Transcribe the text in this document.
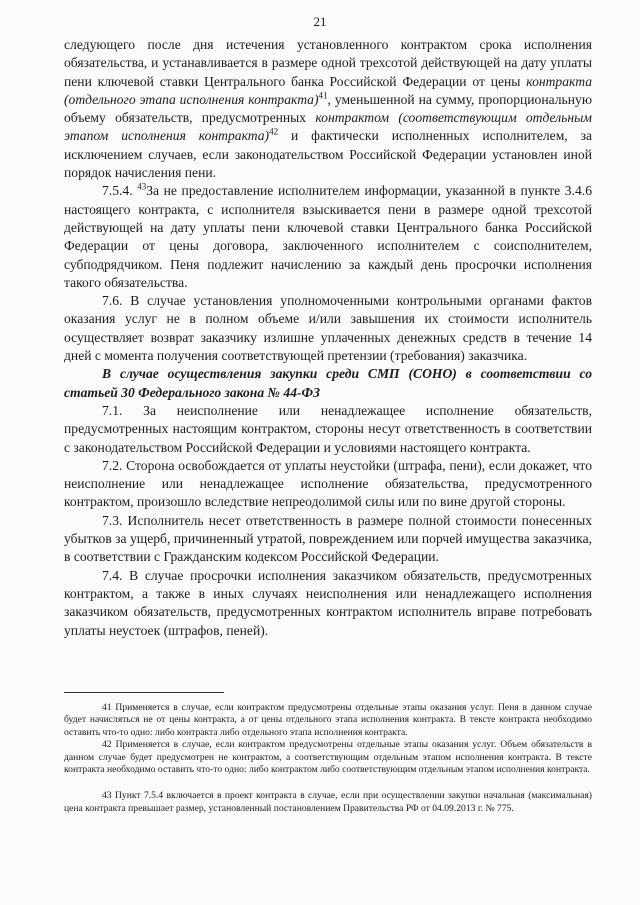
21

следующего после дня истечения установленного контрактом срока исполнения обязательства, и устанавливается в размере одной трехсотой действующей на дату уплаты пени ключевой ставки Центрального банка Российской Федерации от цены контракта (отдельного этапа исполнения контракта)$^{41}$, уменьшенной на сумму, пропорциональную объему обязательств, предусмотренных контрактом (соответствующим отдельным этапом исполнения контракта)$^{42}$ и фактически исполненных исполнителем, за исключением случаев, если законодательством Российской Федерации установлен иной порядок начисления пени.

7.5.4. $^{43}$За не предоставление исполнителем информации, указанной в пункте 3.4.6 настоящего контракта, с исполнителя взыскивается пени в размере одной трехсотой действующей на дату уплаты пени ключевой ставки Центрального банка Российской Федерации от цены договора, заключенного исполнителем с соисполнителем, субподрядчиком. Пеня подлежит начислению за каждый день просрочки исполнения такого обязательства.

7.6. В случае установления уполномоченными контрольными органами фактов оказания услуг не в полном объеме и/или завышения их стоимости исполнитель осуществляет возврат заказчику излишне уплаченных денежных средств в течение 14 дней с момента получения соответствующей претензии (требования) заказчика.

В случае осуществления закупки среди СМП (СОНО) в соответствии со статьей 30 Федерального закона № 44-ФЗ

7.1. За неисполнение или ненадлежащее исполнение обязательств, предусмотренных настоящим контрактом, стороны несут ответственность в соответствии с законодательством Российской Федерации и условиями настоящего контракта.

7.2. Сторона освобождается от уплаты неустойки (штрафа, пени), если докажет, что неисполнение или ненадлежащее исполнение обязательства, предусмотренного контрактом, произошло вследствие непреодолимой силы или по вине другой стороны.

7.3. Исполнитель несет ответственность в размере полной стоимости понесенных убытков за ущерб, причиненный утратой, повреждением или порчей имущества заказчика, в соответствии с Гражданским кодексом Российской Федерации.

7.4. В случае просрочки исполнения заказчиком обязательств, предусмотренных контрактом, а также в иных случаях неисполнения или ненадлежащего исполнения заказчиком обязательств, предусмотренных контрактом исполнитель вправе потребовать уплаты неустоек (штрафов, пеней).

41 Применяется в случае, если контрактом предусмотрены отдельные этапы оказания услуг. Пеня в данном случае будет начисляться не от цены контракта, а от цены отдельного этапа исполнения контракта. В тексте контракта необходимо оставить что-то одно: либо контракта либо отдельного этапа исполнения контракта.

42 Применяется в случае, если контрактом предусмотрены отдельные этапы оказания услуг. Объем обязательств в данном случае будет предусмотрен не контрактом, а соответствующим отдельным этапом исполнения контракта. В тексте контракта необходимо оставить что-то одно: либо контрактом либо соответствующим отдельным этапом исполнения контракта.

43 Пункт 7.5.4 включается в проект контракта в случае, если при осуществлении закупки начальная (максимальная) цена контракта превышает размер, установленный постановлением Правительства РФ от 04.09.2013 г. № 775.
